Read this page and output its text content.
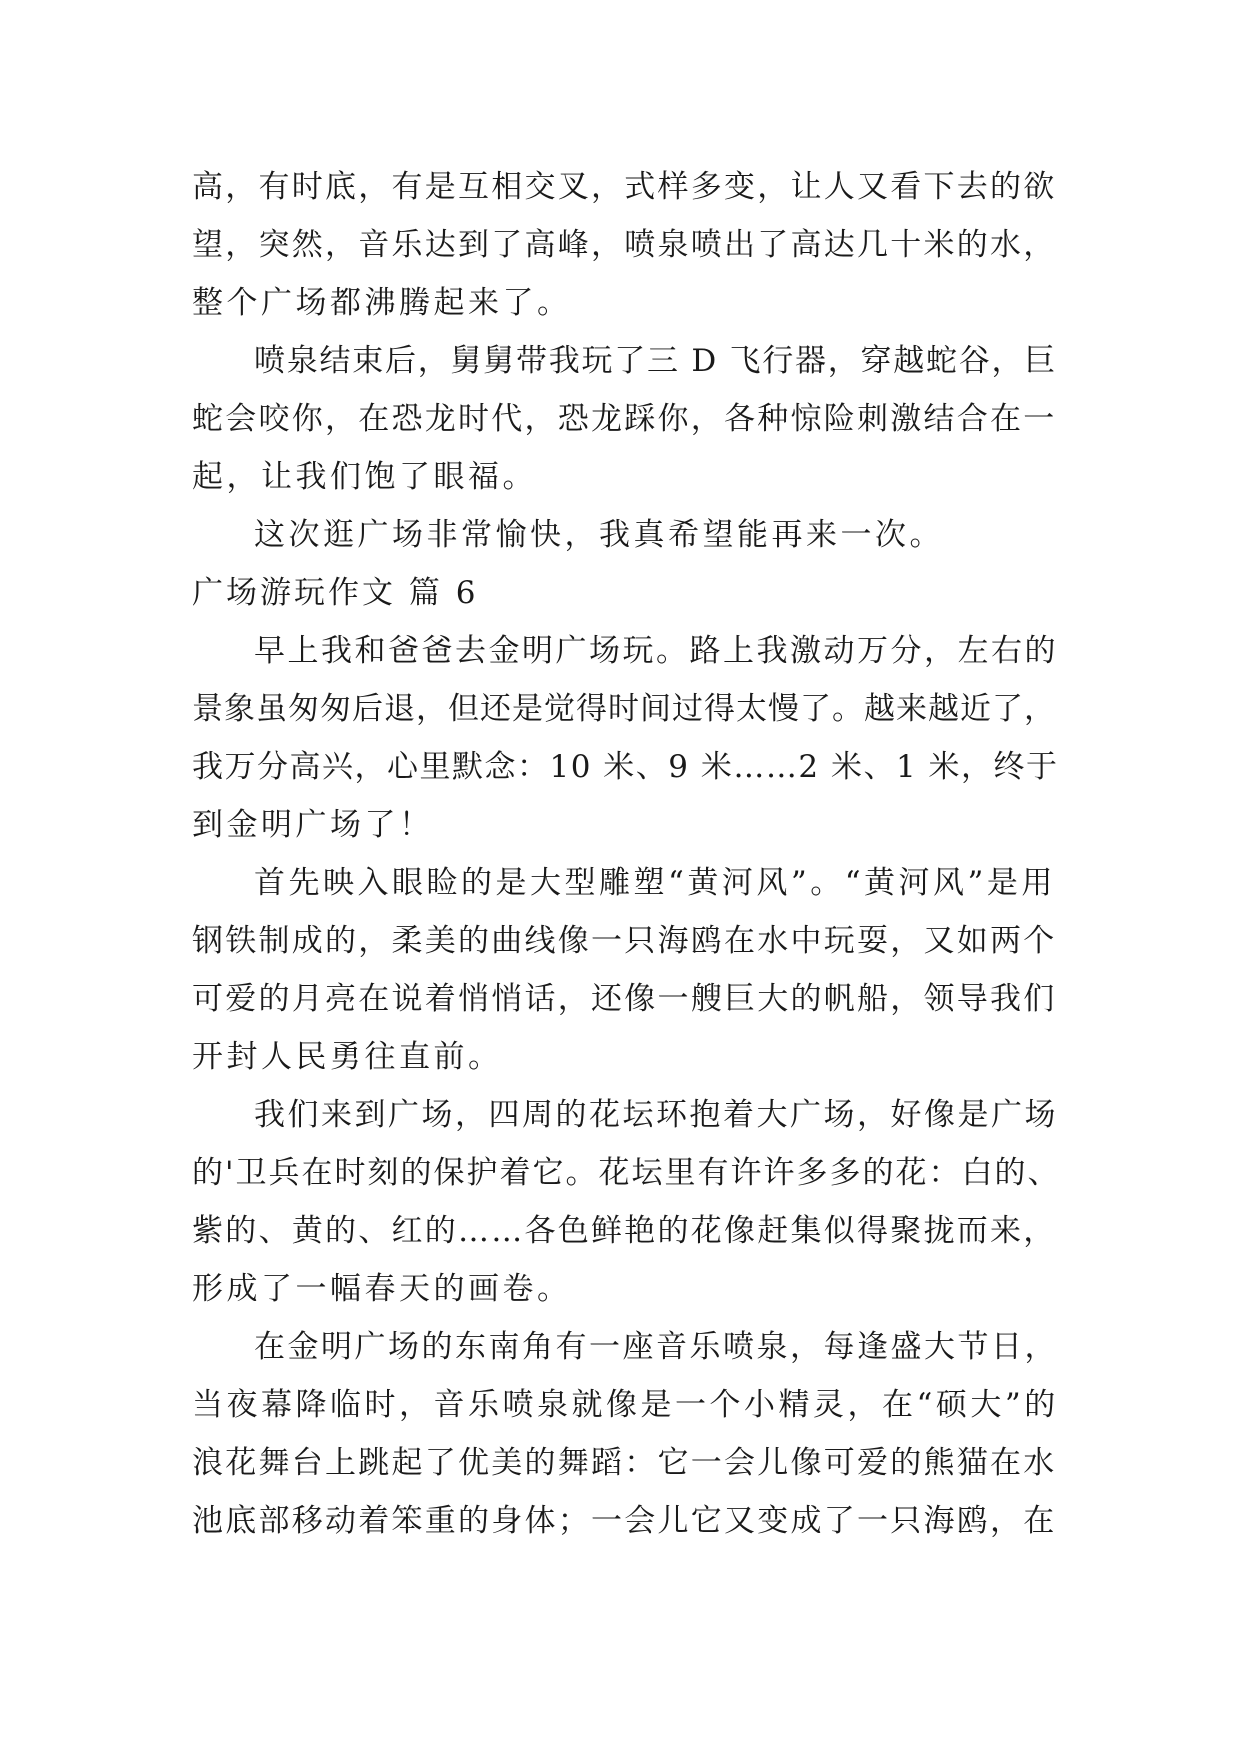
高，有时底，有是互相交叉，式样多变，让人又看下去的欲
望，突然，音乐达到了高峰，喷泉喷出了高达几十米的水，
整个广场都沸腾起来了。
喷泉结束后，舅舅带我玩了三 D 飞行器，穿越蛇谷，巨
蛇会咬你，在恐龙时代，恐龙踩你，各种惊险刺激结合在一
起，让我们饱了眼福。
这次逛广场非常愉快，我真希望能再来一次。
广场游玩作文 篇 6
早上我和爸爸去金明广场玩。路上我激动万分，左右的
景象虽匆匆后退，但还是觉得时间过得太慢了。越来越近了，
我万分高兴，心里默念：10 米、9 米……2 米、1 米，终于
到金明广场了！
首先映入眼睑的是大型雕塑“黄河风”。“黄河风”是用
钢铁制成的，柔美的曲线像一只海鸥在水中玩耍，又如两个
可爱的月亮在说着悄悄话，还像一艘巨大的帆船，领导我们
开封人民勇往直前。
我们来到广场，四周的花坛环抱着大广场，好像是广场
的'卫兵在时刻的保护着它。花坛里有许许多多的花：白的、
紫的、黄的、红的……各色鲜艳的花像赶集似得聚拢而来，
形成了一幅春天的画卷。
在金明广场的东南角有一座音乐喷泉，每逢盛大节日，
当夜幕降临时，音乐喷泉就像是一个小精灵，在“硕大”的
浪花舞台上跳起了优美的舞蹈：它一会儿像可爱的熊猫在水
池底部移动着笨重的身体；一会儿它又变成了一只海鸥，在
